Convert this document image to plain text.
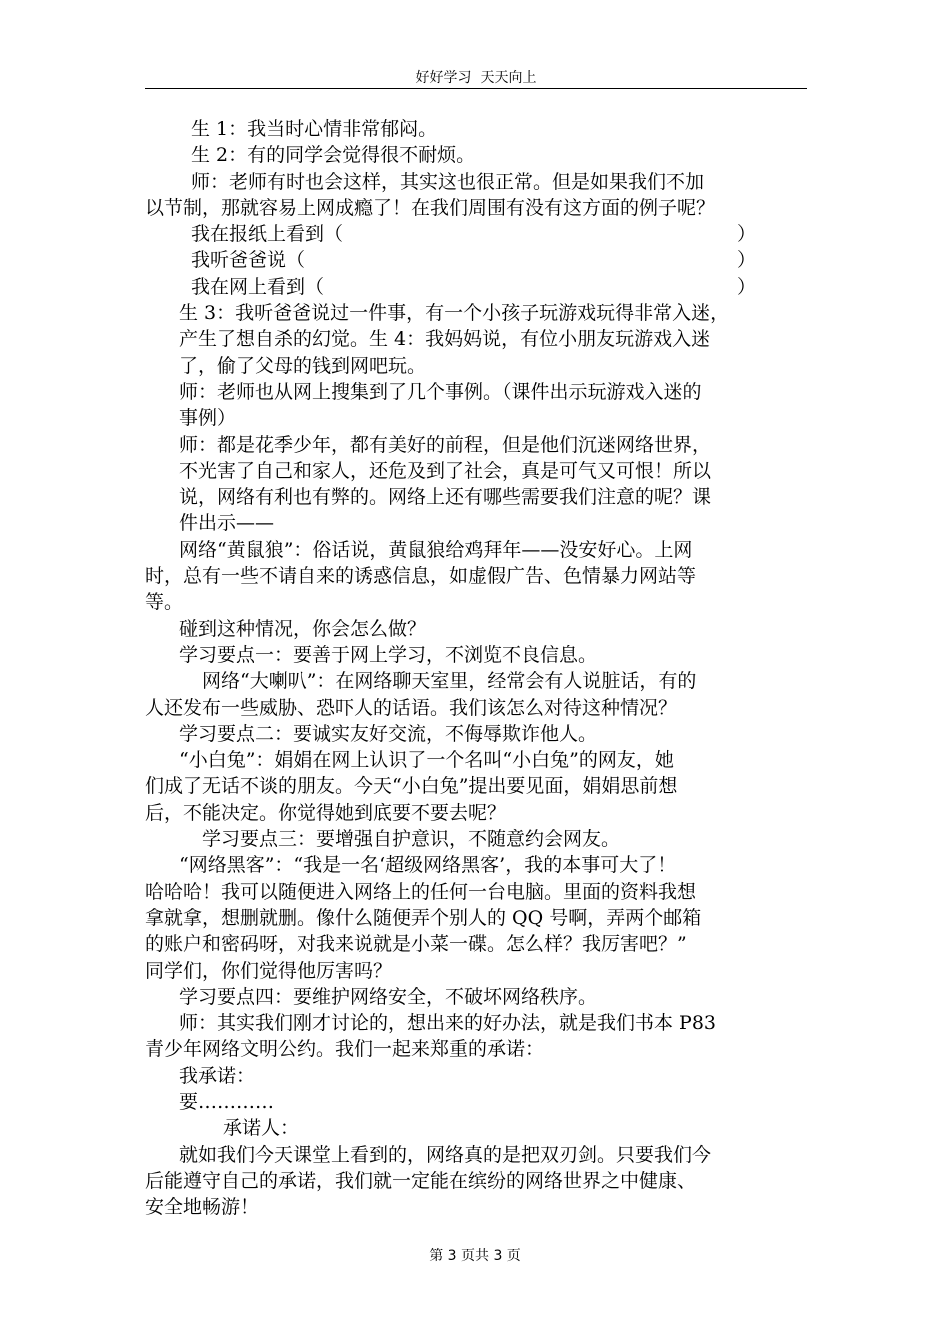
好好学习  天天向上

生 1：我当时心情非常郁闷。

生 2：有的同学会觉得很不耐烦。

师：老师有时也会这样，其实这也很正常。但是如果我们不加

以节制，那就容易上网成瘾了！在我们周围有没有这方面的例子呢？

我在报纸上看到（	）

我听爸爸说（	）

我在网上看到（	）

生 3：我听爸爸说过一件事，有一个小孩子玩游戏玩得非常入迷，

产生了想自杀的幻觉。生 4：我妈妈说，有位小朋友玩游戏入迷

了，偷了父母的钱到网吧玩。

师：老师也从网上搜集到了几个事例。（课件出示玩游戏入迷的

事例）

师：都是花季少年，都有美好的前程，但是他们沉迷网络世界，

不光害了自己和家人，还危及到了社会，真是可气又可恨！所以

说，网络有利也有弊的。网络上还有哪些需要我们注意的呢？课

件出示——

网络“黄鼠狼”：俗话说，黄鼠狼给鸡拜年——没安好心。上网

时，总有一些不请自来的诱惑信息，如虚假广告、色情暴力网站等

等。

碰到这种情况，你会怎么做？

学习要点一：要善于网上学习，不浏览不良信息。

网络“大喇叭”：在网络聊天室里，经常会有人说脏话，有的

人还发布一些威胁、恐吓人的话语。我们该怎么对待这种情况？

学习要点二：要诚实友好交流，不侮辱欺诈他人。

“小白兔”：娟娟在网上认识了一个名叫“小白兔”的网友，她

们成了无话不谈的朋友。今天“小白兔”提出要见面，娟娟思前想

后，不能决定。你觉得她到底要不要去呢？

学习要点三：要增强自护意识，不随意约会网友。

“网络黑客”：“我是一名‘超级网络黑客’，我的本事可大了！

哈哈哈！我可以随便进入网络上的任何一台电脑。里面的资料我想

拿就拿，想删就删。像什么随便弄个别人的 QQ 号啊，弄两个邮箱

的账户和密码呀，对我来说就是小菜一碟。怎么样？我厉害吧？”

同学们，你们觉得他厉害吗？

学习要点四：要维护网络安全，不破坏网络秩序。

师：其实我们刚才讨论的，想出来的好办法，就是我们书本 P83

青少年网络文明公约。我们一起来郑重的承诺：

我承诺：

要…………

承诺人：

就如我们今天课堂上看到的，网络真的是把双刃剑。只要我们今

后能遵守自己的承诺，我们就一定能在缤纷的网络世界之中健康、

安全地畅游！

第 3 页共 3 页
